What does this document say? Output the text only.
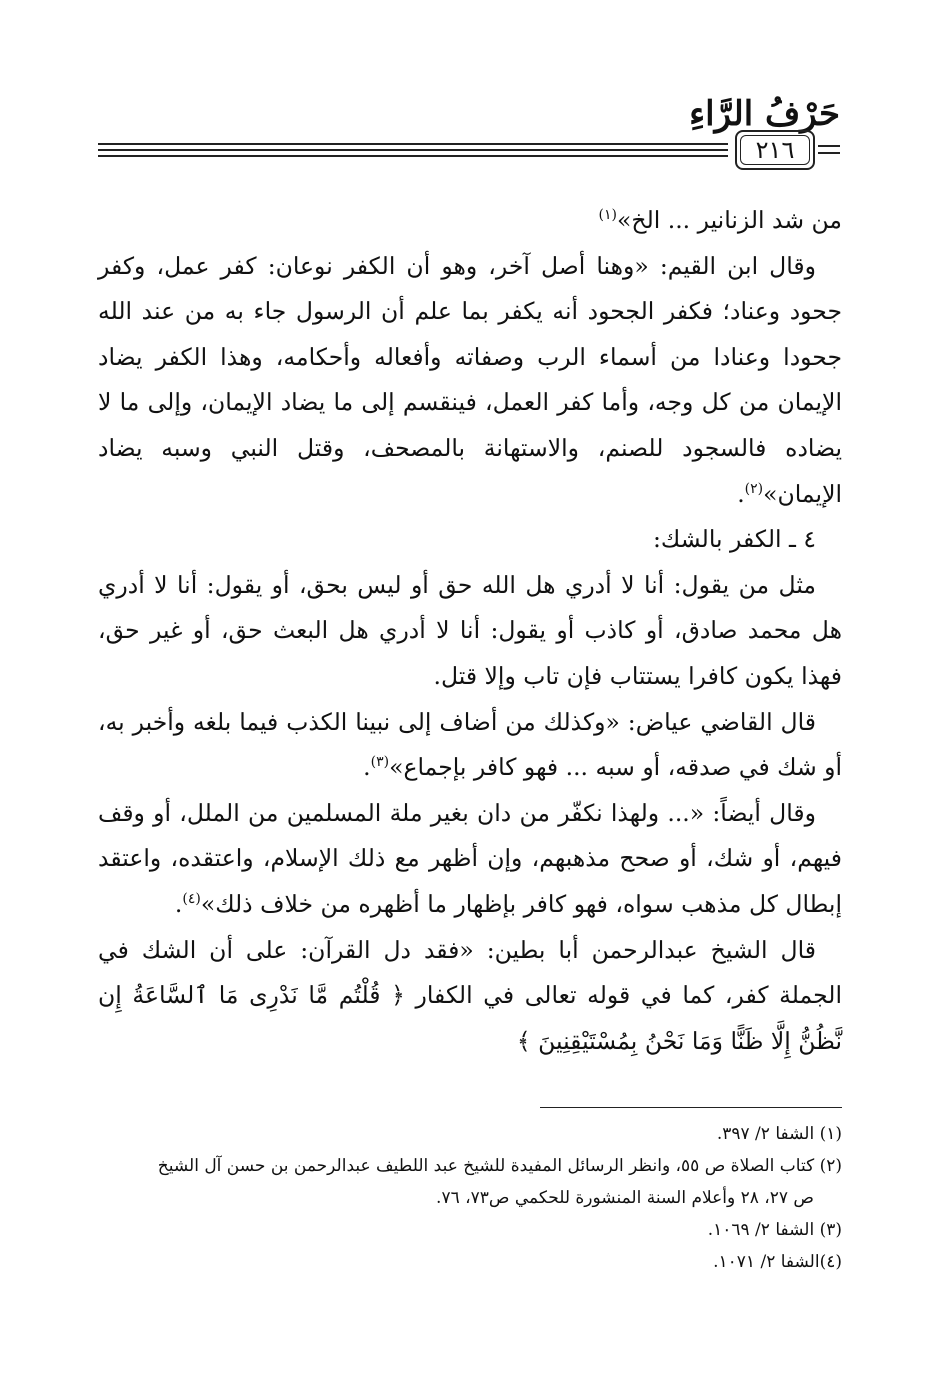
حَرْفُ الرَّاءِ
٢١٦

من شد الزنانير ... الخ»$^{(١)}$

وقال ابن القيم: «وهنا أصل آخر، وهو أن الكفر نوعان: كفر عمل، وكفر جحود وعناد؛ فكفر الجحود أنه يكفر بما علم أن الرسول جاء به من عند الله جحودا وعنادا من أسماء الرب وصفاته وأفعاله وأحكامه، وهذا الكفر يضاد الإيمان من كل وجه، وأما كفر العمل، فينقسم إلى ما يضاد الإيمان، وإلى ما لا يضاده فالسجود للصنم، والاستهانة بالمصحف، وقتل النبي وسبه يضاد الإيمان»$^{(٢)}$.

٤ ـ الكفر بالشك:

مثل من يقول: أنا لا أدري هل الله حق أو ليس بحق، أو يقول: أنا لا أدري هل محمد صادق، أو كاذب أو يقول: أنا لا أدري هل البعث حق، أو غير حق، فهذا يكون كافرا يستتاب فإن تاب وإلا قتل.

قال القاضي عياض: «وكذلك من أضاف إلى نبينا الكذب فيما بلغه وأخبر به، أو شك في صدقه، أو سبه ... فهو كافر بإجماع»$^{(٣)}$.

وقال أيضاً: «... ولهذا نكفّر من دان بغير ملة المسلمين من الملل، أو وقف فيهم، أو شك، أو صحح مذهبهم، وإن أظهر مع ذلك الإسلام، واعتقده، واعتقد إبطال كل مذهب سواه، فهو كافر بإظهار ما أظهره من خلاف ذلك»$^{(٤)}$.

قال الشيخ عبدالرحمن أبا بطين: «فقد دل القرآن: على أن الشك في الجملة كفر، كما في قوله تعالى في الكفار ﴿ قُلْتُم مَّا نَدْرِى مَا ٱلسَّاعَةُ إِن نَّظُنُّ إِلَّا ظَنًّا وَمَا نَحْنُ بِمُسْتَيْقِنِينَ ﴾

(١) الشفا ٢/ ٣٩٧.

(٢) كتاب الصلاة ص ٥٥، وانظر الرسائل المفيدة للشيخ عبد اللطيف عبدالرحمن بن حسن آل الشيخ

ص ٢٧، ٢٨ وأعلام السنة المنشورة للحكمي ص٧٣، ٧٦.

(٣) الشفا ٢/ ١٠٦٩.

(٤)الشفا ٢/ ١٠٧١.
